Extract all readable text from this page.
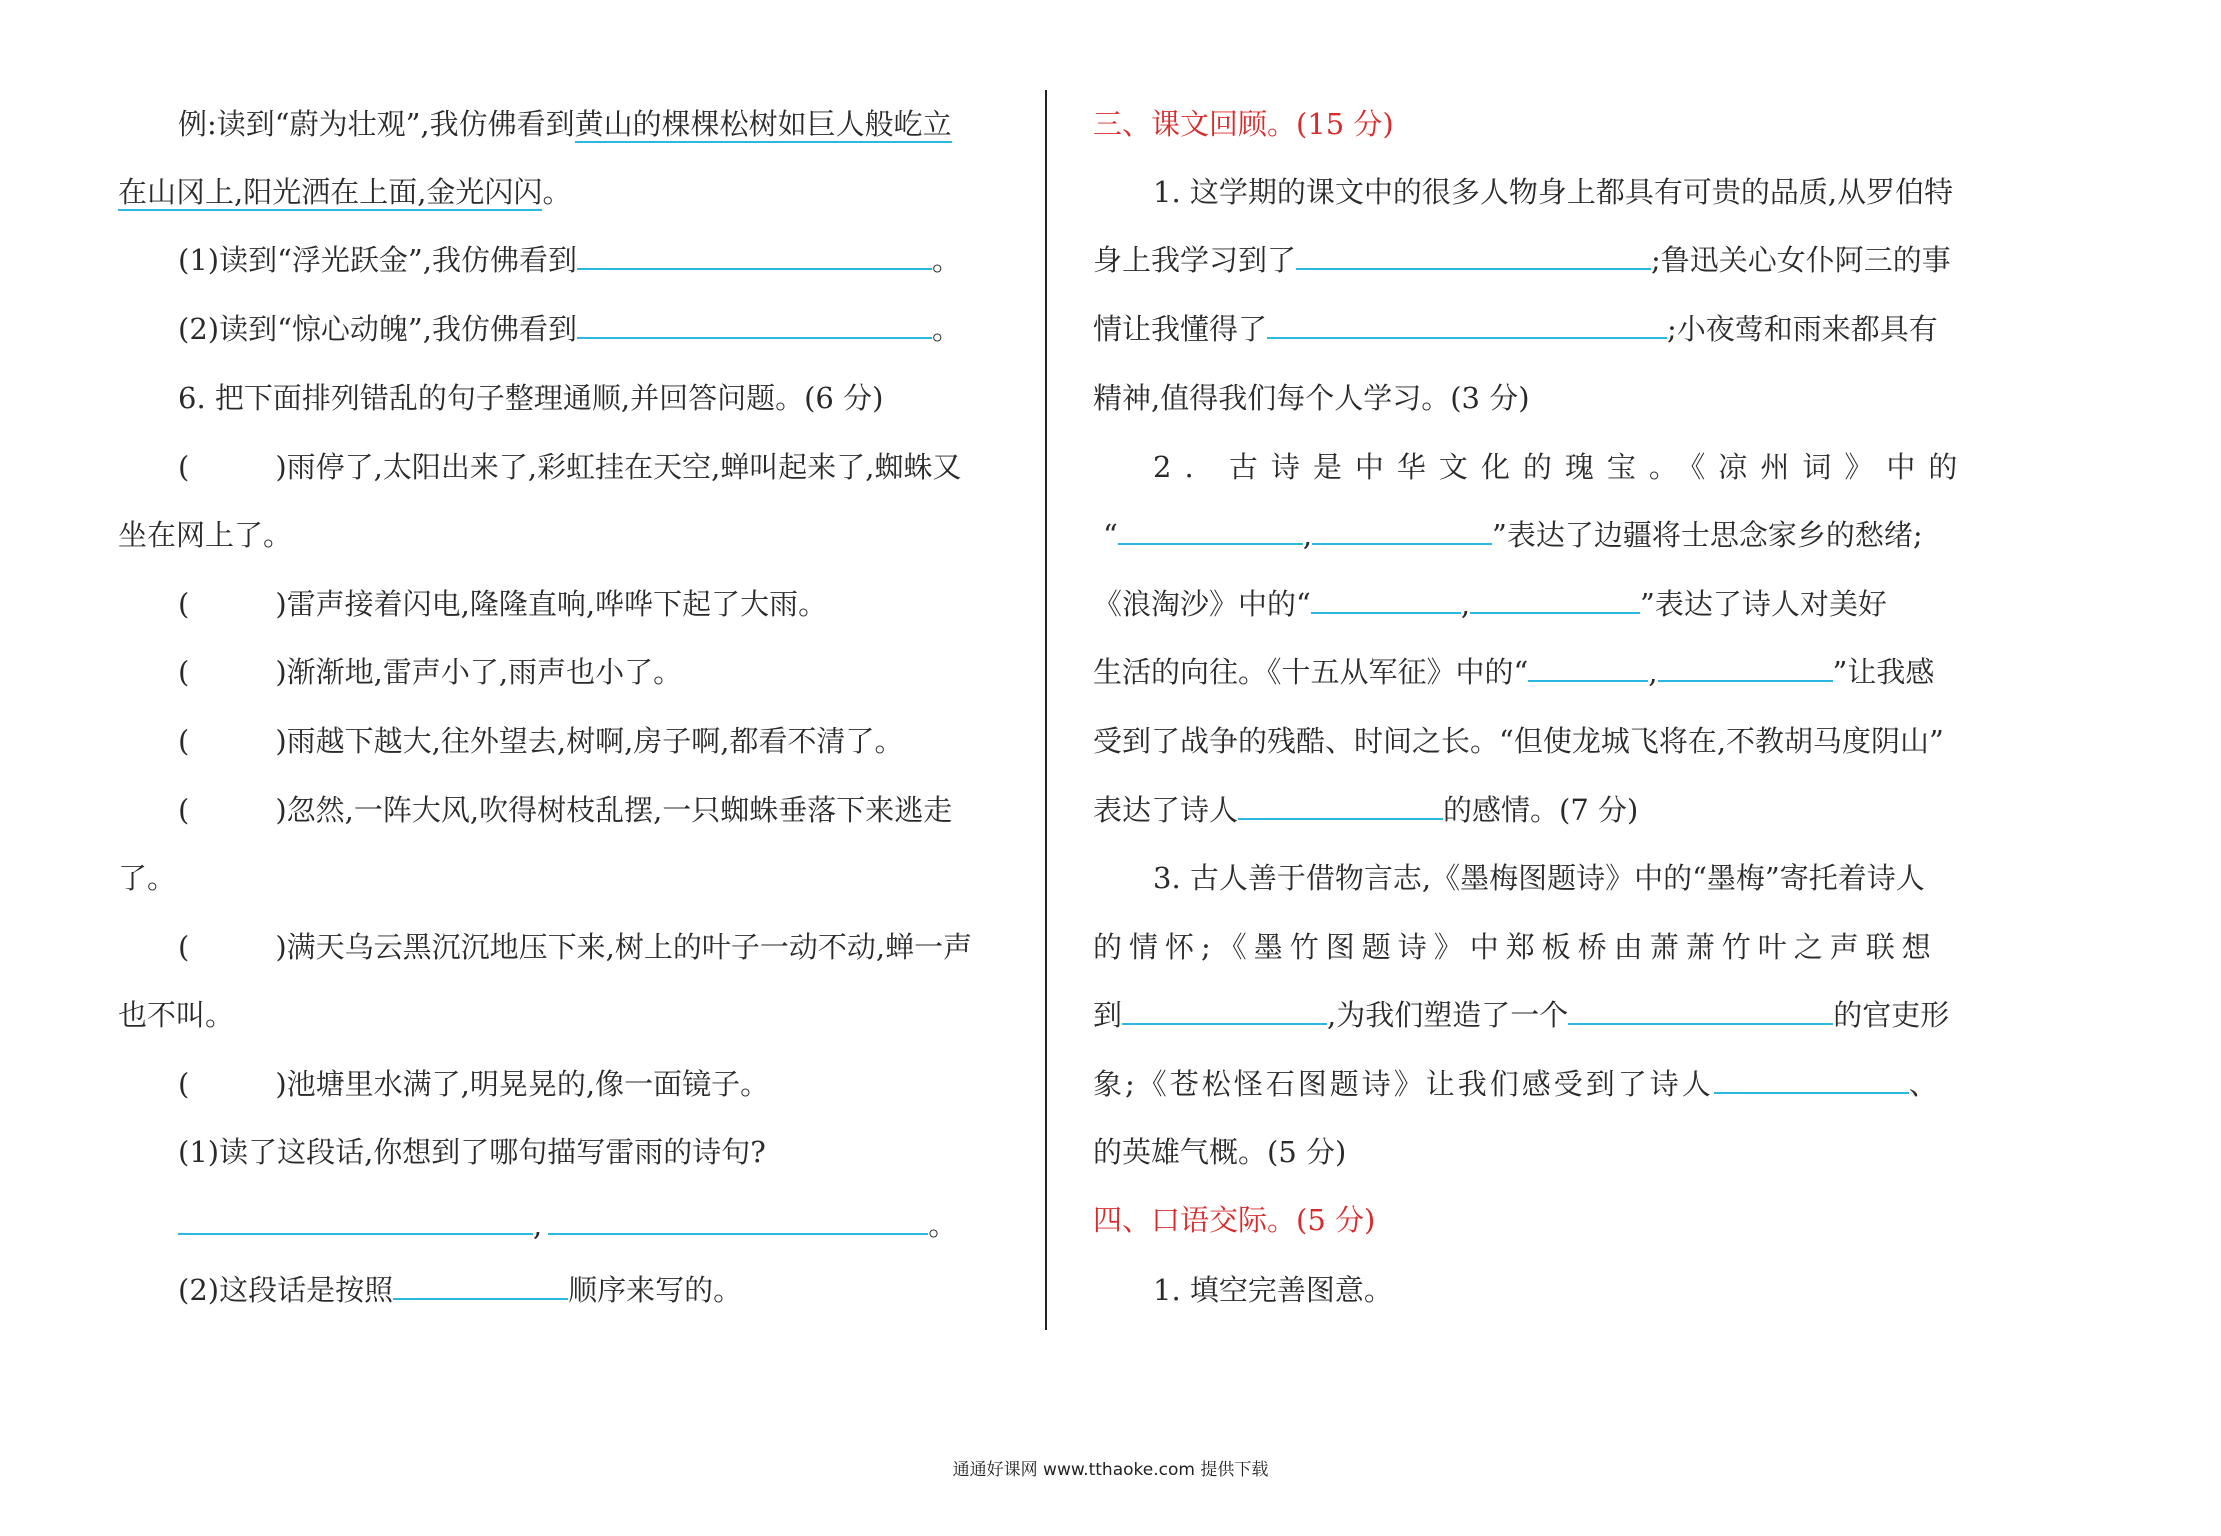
例:读到“蔚为壮观”,我仿佛看到黄山的棵棵松树如巨人般屹立
在山冈上,阳光洒在上面,金光闪闪。
(1)读到“浮光跃金”,我仿佛看到	。
(2)读到“惊心动魄”,我仿佛看到	。
6. 把下面排列错乱的句子整理通顺,并回答问题。(6 分)
(	)雨停了,太阳出来了,彩虹挂在天空,蝉叫起来了,蜘蛛又
坐在网上了。
(	)雷声接着闪电,隆隆直响,哗哗下起了大雨。
(	)渐渐地,雷声小了,雨声也小了。
(	)雨越下越大,往外望去,树啊,房子啊,都看不清了。
(	)忽然,一阵大风,吹得树枝乱摆,一只蜘蛛垂落下来逃走
了。
(	)满天乌云黑沉沉地压下来,树上的叶子一动不动,蝉一声
也不叫。
(	)池塘里水满了,明晃晃的,像一面镜子。
(1)读了这段话,你想到了哪句描写雷雨的诗句?
,	。
(2)这段话是按照	顺序来写的。
三、课文回顾。(15 分)
1. 这学期的课文中的很多人物身上都具有可贵的品质,从罗伯特
身上我学习到了	;鲁迅关心女仆阿三的事
情让我懂得了	;小夜莺和雨来都具有
精神,值得我们每个人学习。(3 分)
2. 古诗是中华文化的瑰宝。《凉州词》中的
“	,	”表达了边疆将士思念家乡的愁绪;
《浪淘沙》中的“	,	”表达了诗人对美好
生活的向往。《十五从军征》中的“	,	”让我感
受到了战争的残酷、时间之长。“但使龙城飞将在,不教胡马度阴山”
表达了诗人	的感情。(7 分)
3. 古人善于借物言志,《墨梅图题诗》中的“墨梅”寄托着诗人
的情怀;《墨竹图题诗》中郑板桥由萧萧竹叶之声联想
到	,为我们塑造了一个	的官吏形
象;《苍松怪石图题诗》让我们感受到了诗人	、
的英雄气概。(5 分)
四、口语交际。(5 分)
1. 填空完善图意。
通通好课网 www.tthaoke.com 提供下载
